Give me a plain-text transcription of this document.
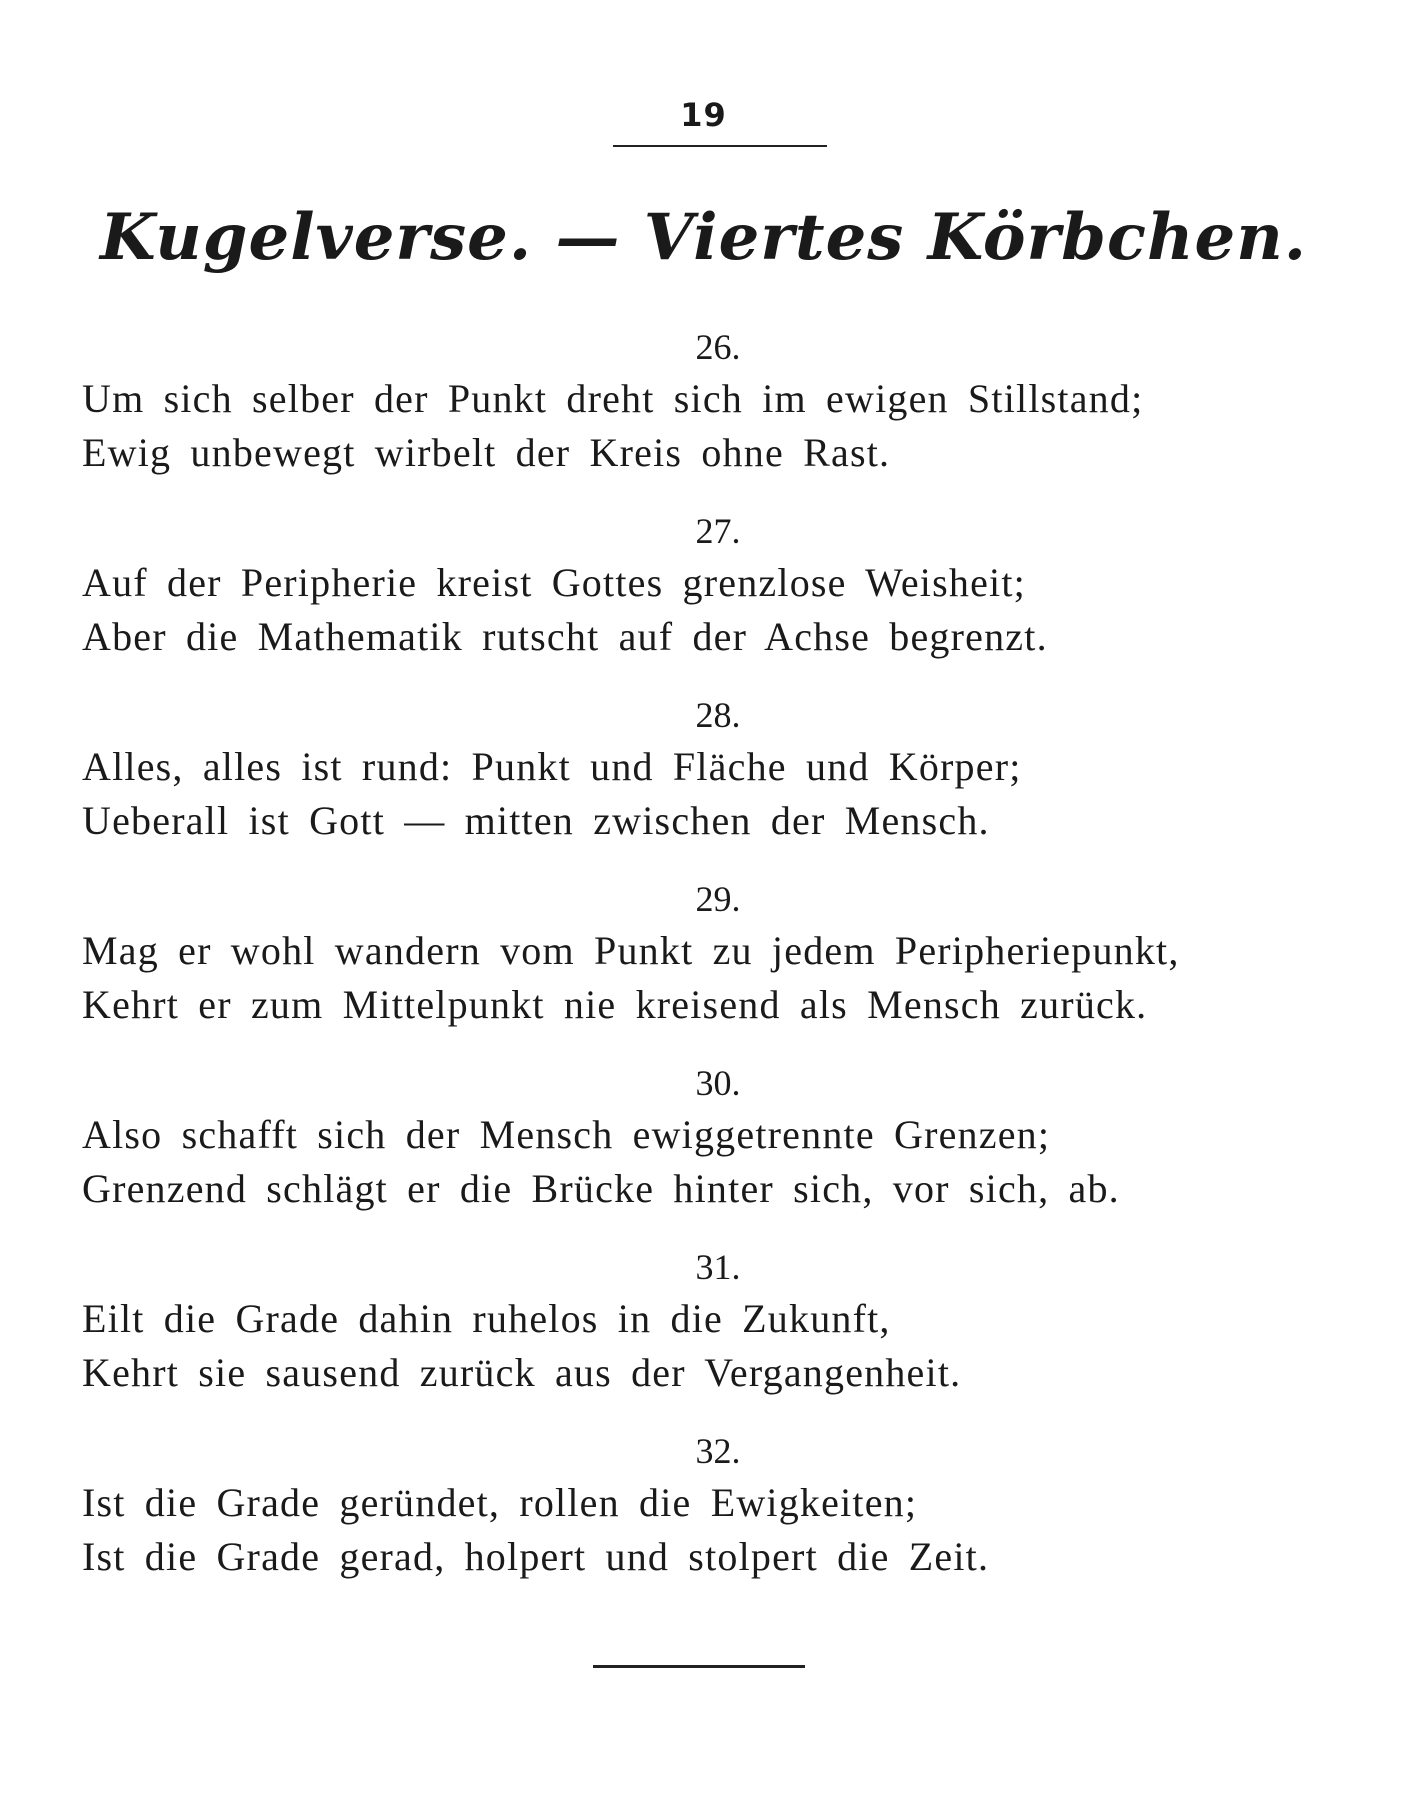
19
Kugelverse. — Viertes Körbchen.
26.
Um sich selber der Punkt dreht sich im ewigen Stillstand;
Ewig unbewegt wirbelt der Kreis ohne Rast.
27.
Auf der Peripherie kreist Gottes grenzlose Weisheit;
Aber die Mathematik rutscht auf der Achse begrenzt.
28.
Alles, alles ist rund: Punkt und Fläche und Körper;
Ueberall ist Gott — mitten zwischen der Mensch.
29.
Mag er wohl wandern vom Punkt zu jedem Peripheriepunkt,
Kehrt er zum Mittelpunkt nie kreisend als Mensch zurück.
30.
Also schafft sich der Mensch ewiggetrennte Grenzen;
Grenzend schlägt er die Brücke hinter sich, vor sich, ab.
31.
Eilt die Grade dahin ruhelos in die Zukunft,
Kehrt sie sausend zurück aus der Vergangenheit.
32.
Ist die Grade geründet, rollen die Ewigkeiten;
Ist die Grade gerad, holpert und stolpert die Zeit.
